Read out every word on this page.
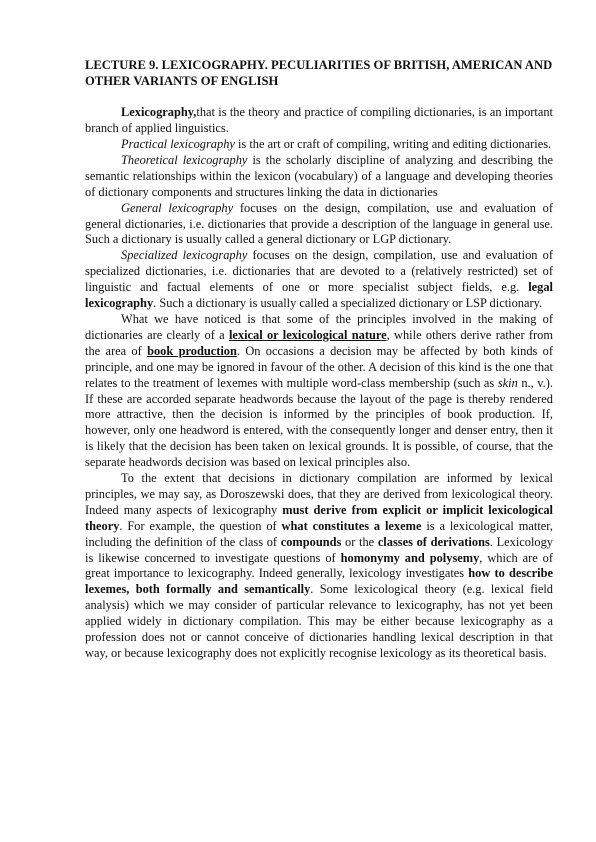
LECTURE 9. LEXICOGRAPHY. PECULIARITIES OF BRITISH, AMERICAN AND OTHER VARIANTS OF ENGLISH

Lexicography,that is the theory and practice of compiling dictionaries, is an important branch of applied linguistics.

Practical lexicography is the art or craft of compiling, writing and editing dictionaries.

Theoretical lexicography is the scholarly discipline of analyzing and describing the semantic relationships within the lexicon (vocabulary) of a language and developing theories of dictionary components and structures linking the data in dictionaries

General lexicography focuses on the design, compilation, use and evaluation of general dictionaries, i.e. dictionaries that provide a description of the language in general use. Such a dictionary is usually called a general dictionary or LGP dictionary.

Specialized lexicography focuses on the design, compilation, use and evaluation of specialized dictionaries, i.e. dictionaries that are devoted to a (relatively restricted) set of linguistic and factual elements of one or more specialist subject fields, e.g. legal lexicography. Such a dictionary is usually called a specialized dictionary or LSP dictionary.

What we have noticed is that some of the principles involved in the making of dictionaries are clearly of a lexical or lexicological nature, while others derive rather from the area of book production. On occasions a decision may be affected by both kinds of principle, and one may be ignored in favour of the other. A decision of this kind is the one that relates to the treatment of lexemes with multiple word-class membership (such as skin n., v.). If these are accorded separate headwords because the layout of the page is thereby rendered more attractive, then the decision is informed by the principles of book production. If, however, only one headword is entered, with the consequently longer and denser entry, then it is likely that the decision has been taken on lexical grounds. It is possible, of course, that the separate headwords decision was based on lexical principles also.

To the extent that decisions in dictionary compilation are informed by lexical principles, we may say, as Doroszewski does, that they are derived from lexicological theory. Indeed many aspects of lexicography must derive from explicit or implicit lexicological theory. For example, the question of what constitutes a lexeme is a lexicological matter, including the definition of the class of compounds or the classes of derivations. Lexicology is likewise concerned to investigate questions of homonymy and polysemy, which are of great importance to lexicography. Indeed generally, lexicology investigates how to describe lexemes, both formally and semantically. Some lexicological theory (e.g. lexical field analysis) which we may consider of particular relevance to lexicography, has not yet been applied widely in dictionary compilation. This may be either because lexicography as a profession does not or cannot conceive of dictionaries handling lexical description in that way, or because lexicography does not explicitly recognise lexicology as its theoretical basis.
